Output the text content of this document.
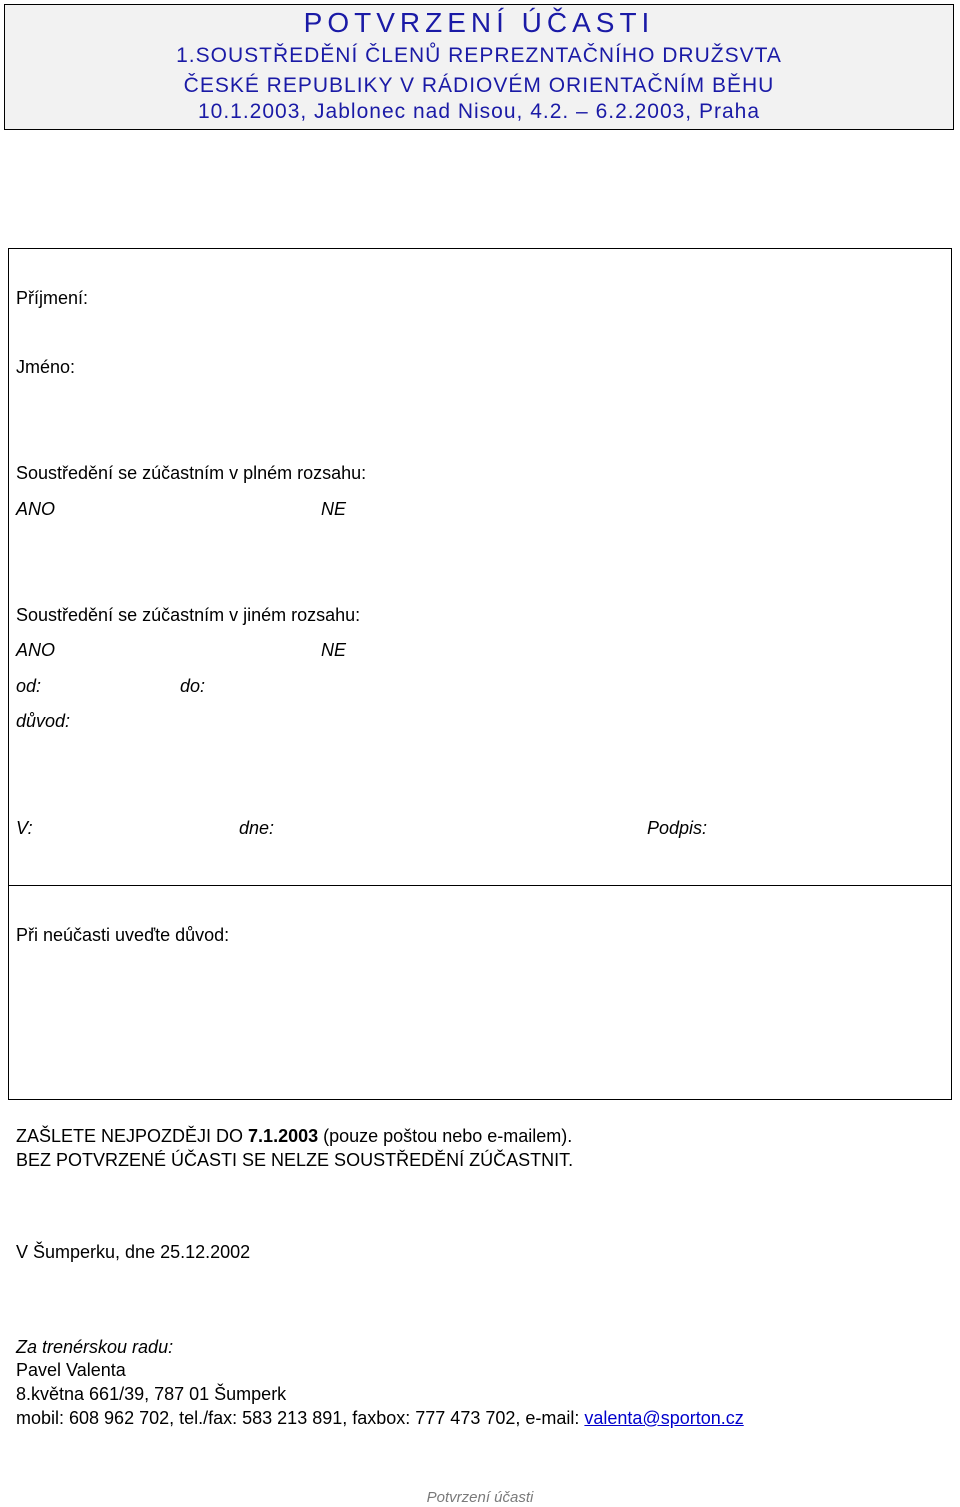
POTVRZENÍ ÚČASTI
1.SOUSTŘEDĚNÍ ČLENŮ REPREZNTAČNÍHO DRUŽSVTA
ČESKÉ REPUBLIKY V RÁDIOVÉM ORIENTAČNÍM BĚHU
10.1.2003, Jablonec nad Nisou, 4.2. – 6.2.2003, Praha
Příjmení:
Jméno:
Soustředění se zúčastním v plném rozsahu:
ANO	NE
Soustředění se zúčastním v jiném rozsahu:
ANO	NE
od:	do:
důvod:
V:	dne:	Podpis:
Při neúčasti uveďte důvod:
ZAŠLETE NEJPOZDĚJI DO 7.1.2003 (pouze poštou nebo e-mailem).
BEZ POTVRZENÉ ÚČASTI SE NELZE SOUSTŘEDĚNÍ ZÚČASTNIT.
V Šumperku, dne 25.12.2002
Za trenérskou radu:
Pavel Valenta
8.května 661/39, 787 01 Šumperk
mobil: 608 962 702, tel./fax: 583 213 891, faxbox: 777 473 702, e-mail: valenta@sporton.cz
Potvrzení účasti
